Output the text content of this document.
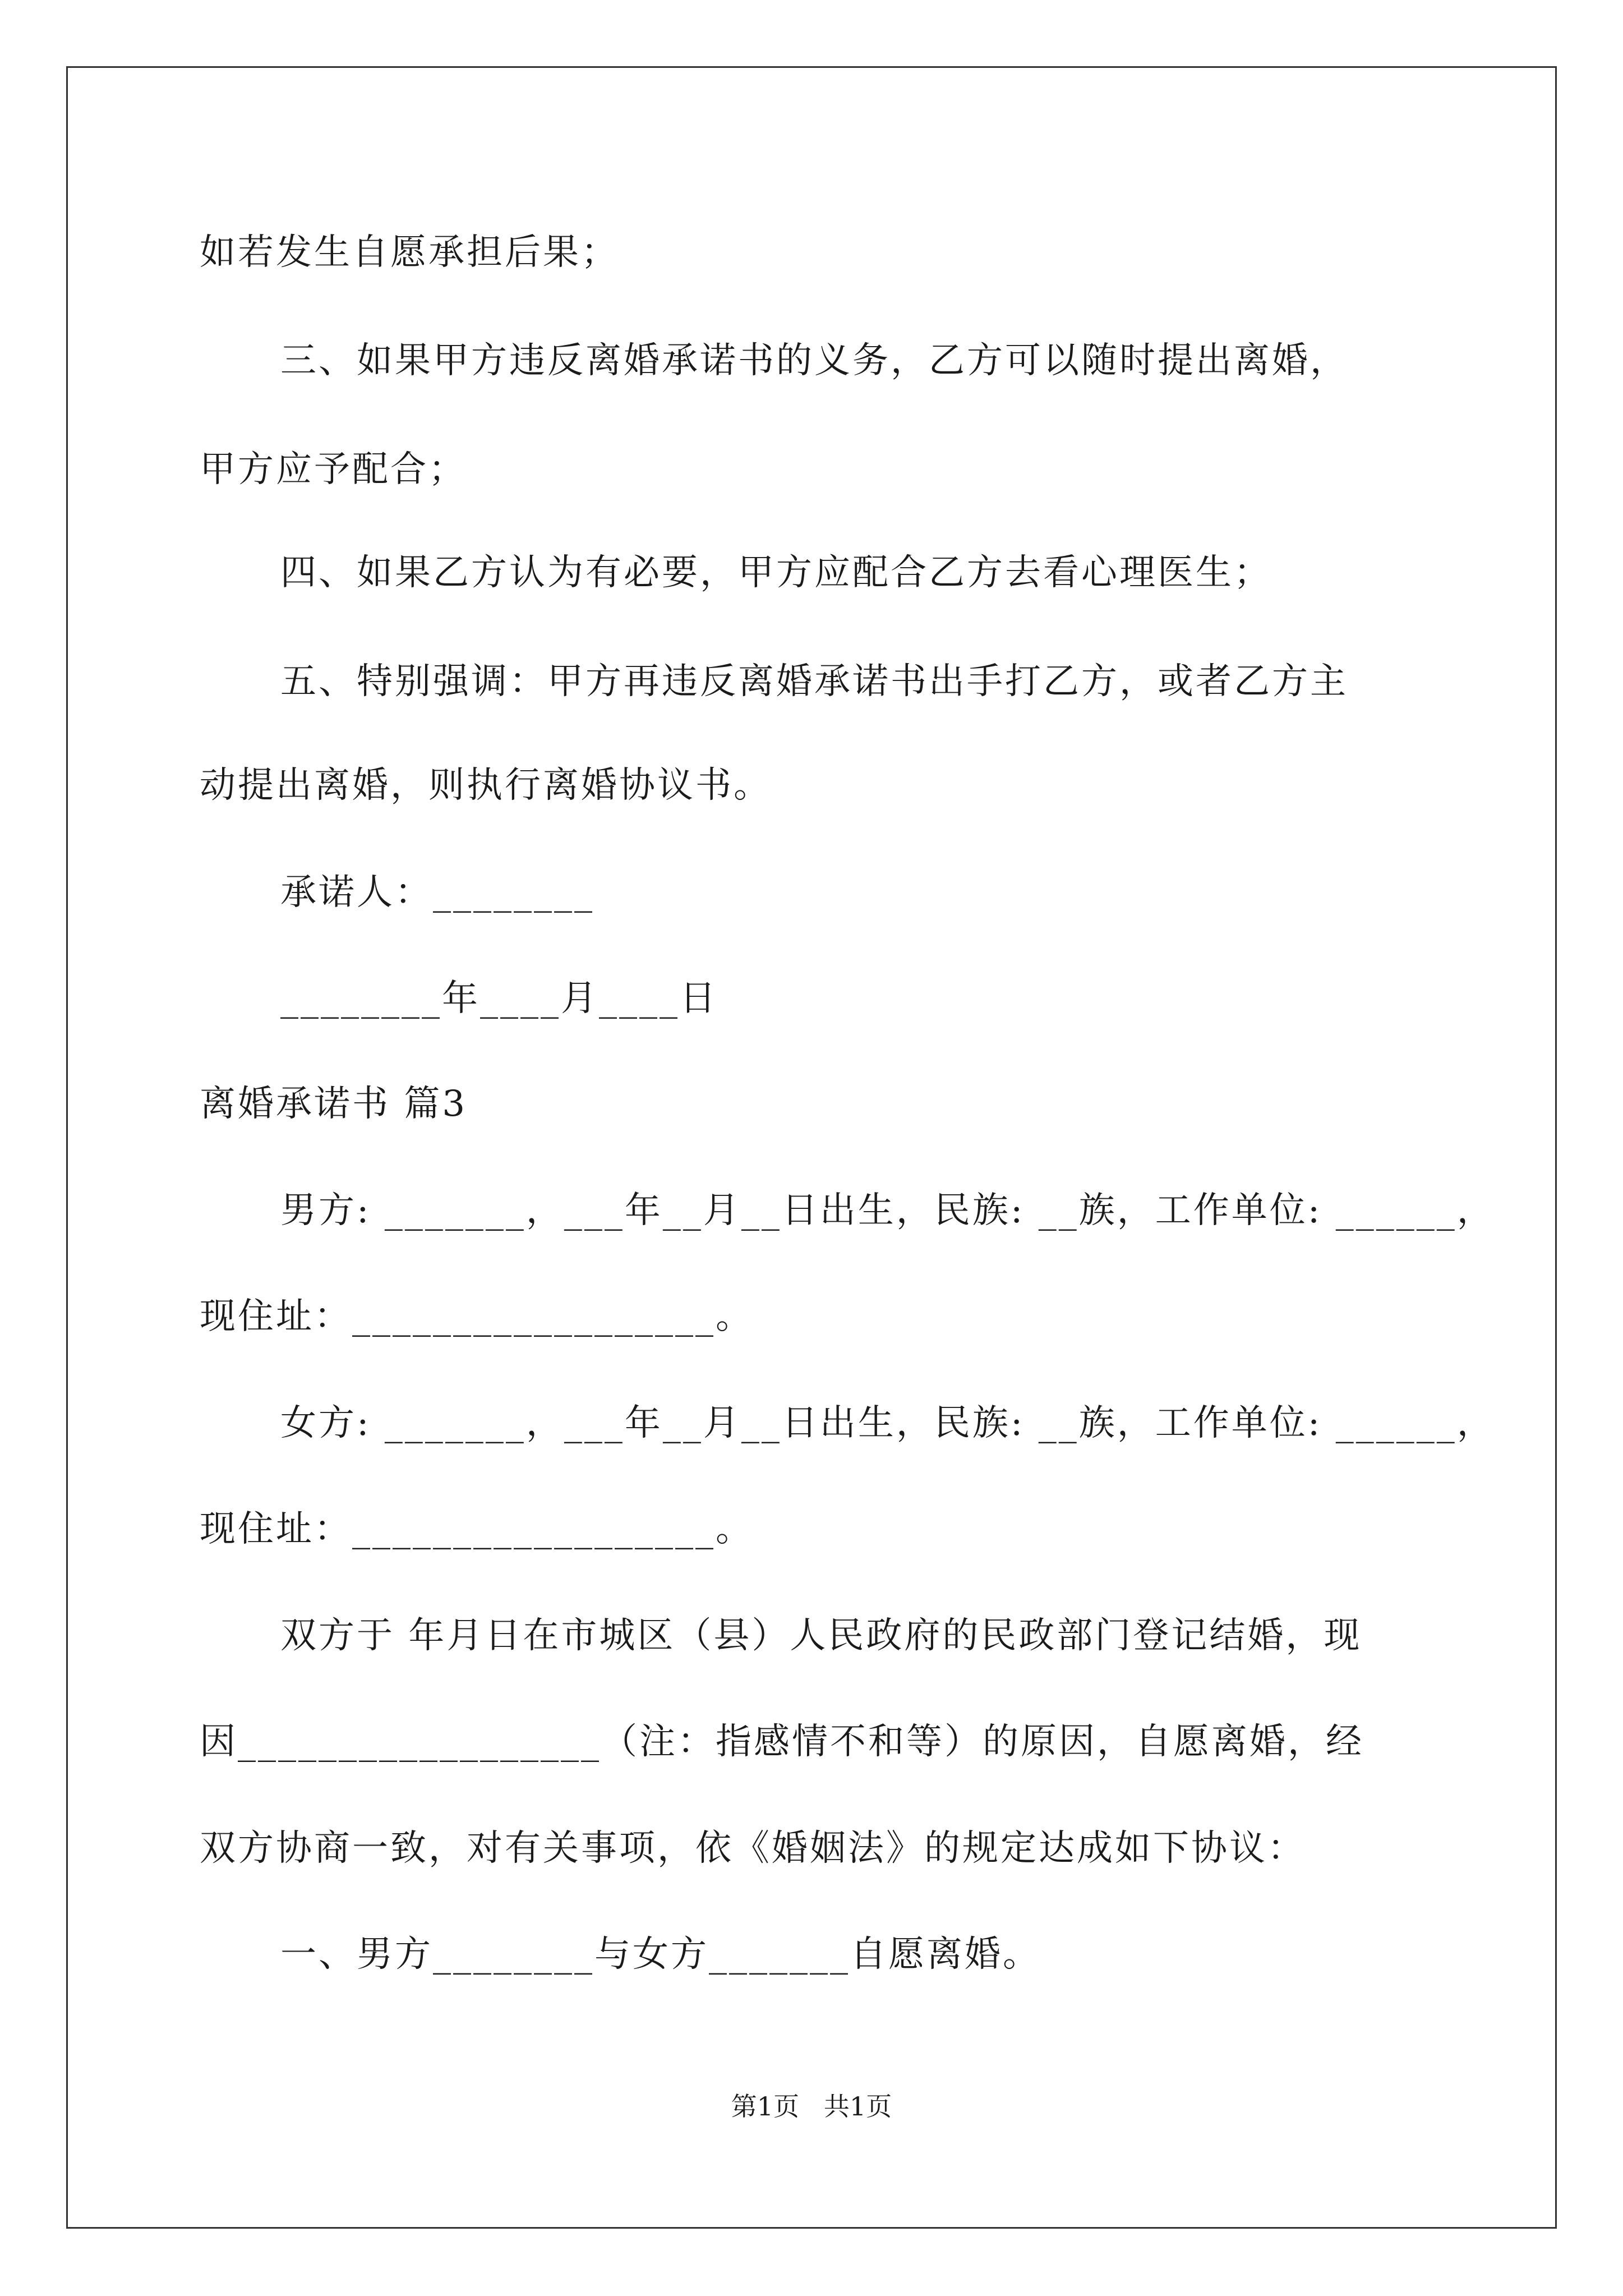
如若发生自愿承担后果；
三、如果甲方违反离婚承诺书的义务，乙方可以随时提出离婚，
甲方应予配合；
四、如果乙方认为有必要，甲方应配合乙方去看心理医生；
五、特别强调：甲方再违反离婚承诺书出手打乙方，或者乙方主
动提出离婚，则执行离婚协议书。
承诺人：________
________年____月____日
离婚承诺书 篇3
男方: _______，___年__月__日出生，民族: __族，工作单位: ______，
现住址：__________________。
女方: _______，___年__月__日出生，民族: __族，工作单位: ______，
现住址：__________________。
双方于 年月日在市城区（县）人民政府的民政部门登记结婚，现
因__________________（注：指感情不和等）的原因，自愿离婚，经
双方协商一致，对有关事项，依《婚姻法》的规定达成如下协议：
一、男方________与女方_______自愿离婚。
第1页   共1页
